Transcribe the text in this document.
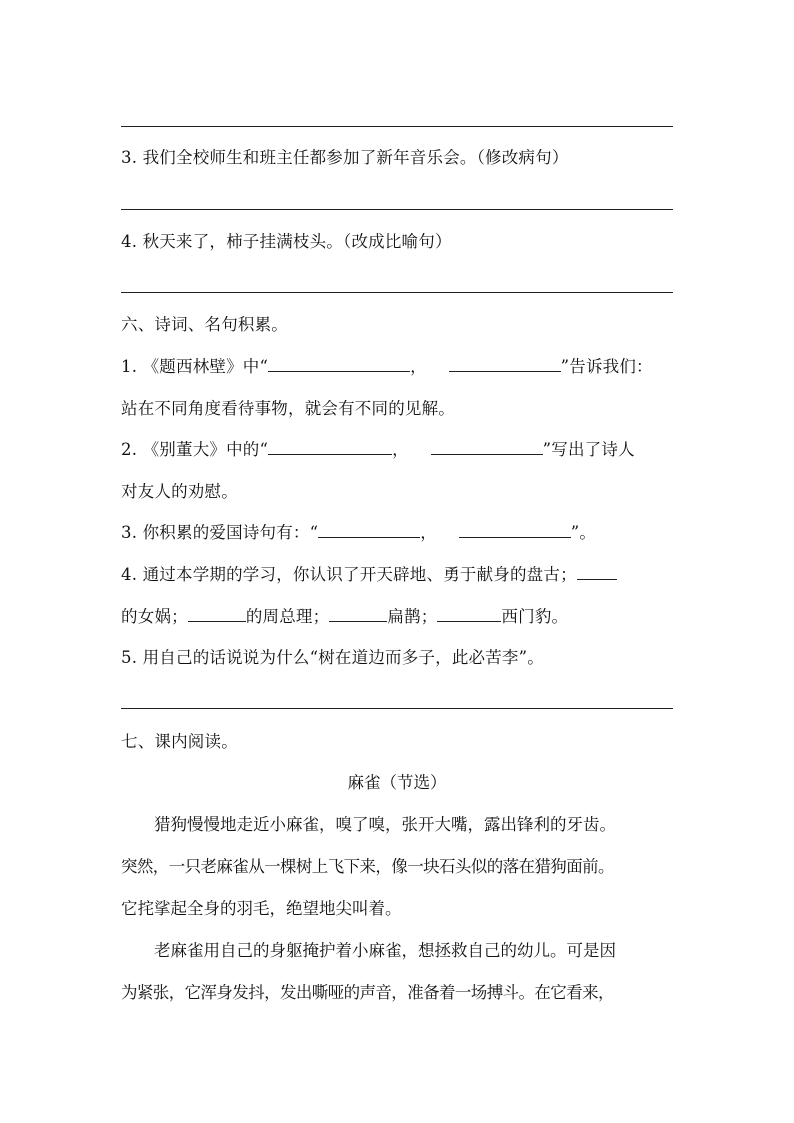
3. 我们全校师生和班主任都参加了新年音乐会。（修改病句）
4. 秋天来了，柿子挂满枝头。（改成比喻句）
六、诗词、名句积累。
1. 《题西林壁》中“	，	”告诉我们：
站在不同角度看待事物，就会有不同的见解。
2. 《别董大》中的“	，	”写出了诗人
对友人的劝慰。
3. 你积累的爱国诗句有：“	，	”。
4. 通过本学期的学习，你认识了开天辟地、勇于献身的盘古；
的女娲；	的周总理；	扁鹊；	西门豹。
5. 用自己的话说说为什么“树在道边而多子，此必苦李”。
七、课内阅读。
麻雀（节选）
猎狗慢慢地走近小麻雀，嗅了嗅，张开大嘴，露出锋利的牙齿。
突然，一只老麻雀从一棵树上飞下来，像一块石头似的落在猎狗面前。
它挓挲起全身的羽毛，绝望地尖叫着。
老麻雀用自己的身躯掩护着小麻雀，想拯救自己的幼儿。可是因
为紧张，它浑身发抖，发出嘶哑的声音，准备着一场搏斗。在它看来，
